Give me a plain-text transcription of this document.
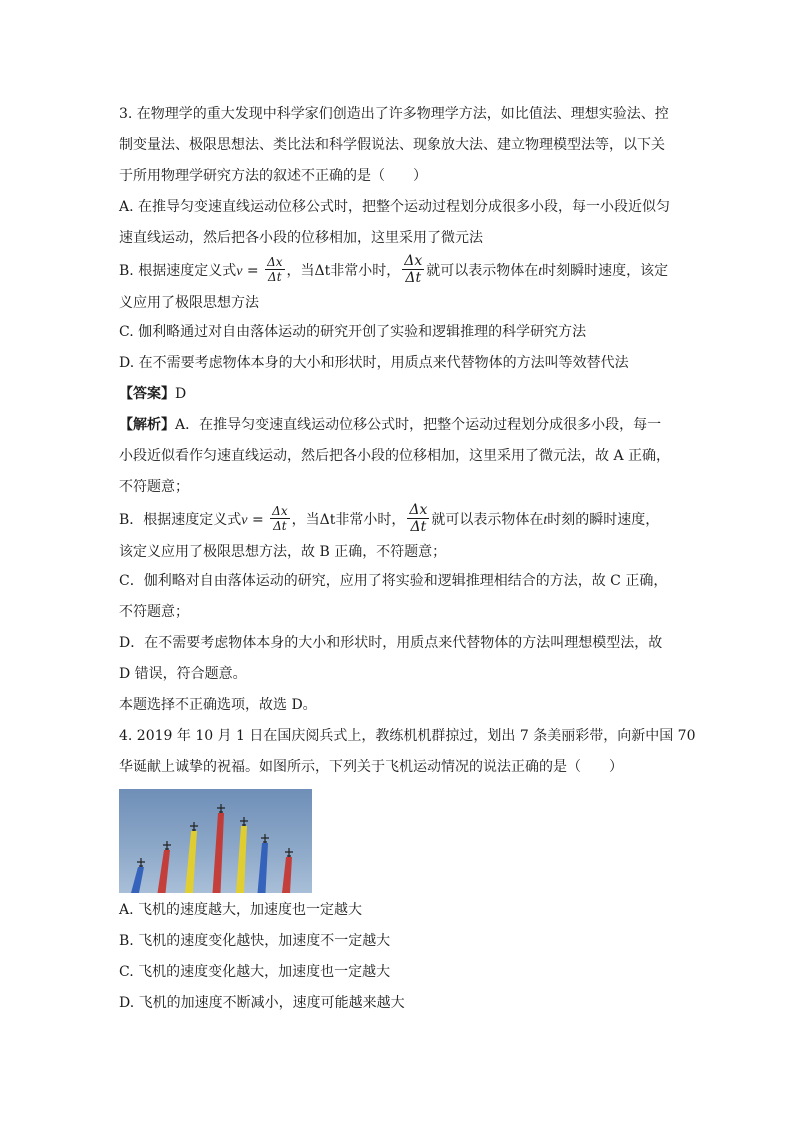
3. 在物理学的重大发现中科学家们创造出了许多物理学方法，如比值法、理想实验法、控
制变量法、极限思想法、类比法和科学假说法、现象放大法、建立物理模型法等，以下关
于所用物理学研究方法的叙述不正确的是（　　）
A. 在推导匀变速直线运动位移公式时，把整个运动过程划分成很多小段，每一小段近似匀
速直线运动，然后把各小段的位移相加，这里采用了微元法
B. 根据速度定义式$v = \frac{\Delta x}{\Delta t}$ ，当Δt非常小时， $\frac{\Delta x}{\Delta t}$ 就可以表示物体在t时刻瞬时速度，该定
义应用了极限思想方法
C. 伽利略通过对自由落体运动的研究开创了实验和逻辑推理的科学研究方法
D. 在不需要考虑物体本身的大小和形状时，用质点来代替物体的方法叫等效替代法
【答案】D
【解析】A．在推导匀变速直线运动位移公式时，把整个运动过程划分成很多小段，每一
小段近似看作匀速直线运动，然后把各小段的位移相加，这里采用了微元法，故 A 正确，
不符题意；
B．根据速度定义式$v = \frac{\Delta x}{\Delta t}$ ，当Δt非常小时， $\frac{\Delta x}{\Delta t}$ 就可以表示物体在t时刻的瞬时速度，
该定义应用了极限思想方法，故 B 正确，不符题意；
C．伽利略对自由落体运动的研究，应用了将实验和逻辑推理相结合的方法，故 C 正确，
不符题意；
D．在不需要考虑物体本身的大小和形状时，用质点来代替物体的方法叫理想模型法，故
D 错误，符合题意。
本题选择不正确选项，故选 D。
4. 2019 年 10 月 1 日在国庆阅兵式上，教练机机群掠过，划出 7 条美丽彩带，向新中国 70
华诞献上诚挚的祝福。如图所示，下列关于飞机运动情况的说法正确的是（　　）
A. 飞机的速度越大，加速度也一定越大
B. 飞机的速度变化越快，加速度不一定越大
C. 飞机的速度变化越大，加速度也一定越大
D. 飞机的加速度不断减小，速度可能越来越大
